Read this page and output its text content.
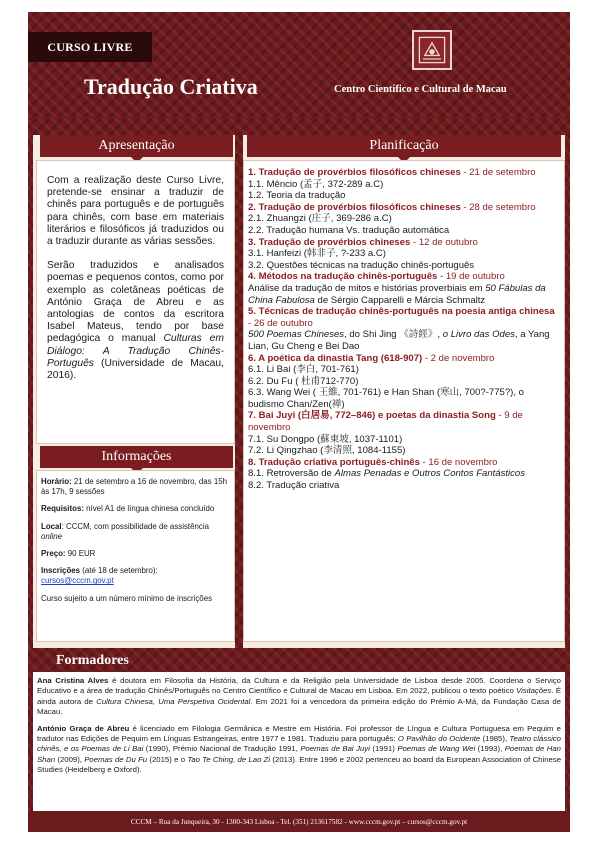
CURSO LIVRE
Tradução Criativa	Centro Científico e Cultural de Macau
Apresentação

Com a realização deste Curso Livre, pretende-se ensinar a traduzir de chinês para português e de português para chinês, com base em materiais literários e filosóficos já traduzidos ou a traduzir durante as várias sessões.

Serão traduzidos e analisados poemas e pequenos contos, como por exemplo as coletâneas poéticas de António Graça de Abreu e as antologias de contos da escritora Isabel Mateus, tendo por base pedagógica o manual Culturas em Diálogo: A Tradução Chinês-Português (Universidade de Macau, 2016).

Informações

Horário: 21 de setembro a 16 de novembro, das 15h às 17h, 9 sessões

Requisitos: nível A1 de língua chinesa concluído

Local: CCCM, com possibilidade de assistência online

Preço: 90 EUR

Inscrições (até 18 de setembro):
cursos@cccm.gov.pt

Curso sujeito a um número mínimo de inscrições

Planificação
1. Tradução de provérbios filosóficos chineses - 21 de setembro
1.1. Mêncio (孟子, 372-289 a.C)
1.2. Teoria da tradução
2. Tradução de provérbios filosóficos chineses - 28 de setembro
2.1. Zhuangzi (庄子, 369-286 a.C)
2.2. Tradução humana Vs. tradução automática
3. Tradução de provérbios chineses - 12 de outubro
3.1. Hanfeizi (韩非子, ?-233 a.C)
3.2. Questões técnicas na tradução chinês-português
4. Métodos na tradução chinês-português - 19 de outubro
Análise da tradução de mitos e histórias proverbiais em 50 Fábulas da China Fabulosa de Sérgio Capparelli e Márcia Schmaltz
5. Técnicas de tradução chinês-português na poesia antiga chinesa - 26 de outubro
500 Poemas Chineses, do Shi Jing 《詩經》, o Livro das Odes, a Yang Lian, Gu Cheng e Bei Dao
6. A poética da dinastia Tang (618-907) - 2 de novembro
6.1. Li Bai (李白, 701-761)
6.2. Du Fu ( 杜甫712-770)
6.3. Wang Wei ( 王維, 701-761) e Han Shan (寒山, 700?-775?), o budismo Chan/Zen(禅)
7. Bai Juyi (白居易, 772–846) e poetas da dinastia Song - 9 de novembro
7.1. Su Dongpo (蘇東坡, 1037-1101)
7.2. Li Qingzhao (李清照, 1084-1155)
8. Tradução criativa português-chinês - 16 de novembro
8.1. Retroversão de Almas Penadas e Outros Contos Fantásticos
8.2. Tradução criativa
Formadores

Ana Cristina Alves é doutora em Filosofia da História, da Cultura e da Religião pela Universidade de Lisboa desde 2005. Coordena o Serviço Educativo e a área de tradução Chinês/Português no Centro Científico e Cultural de Macau em Lisboa. Em 2022, publicou o texto poético Visitações. É ainda autora de Cultura Chinesa, Uma Perspetiva Ocidental. Em 2021 foi a vencedora da primeira edição do Prémio A-Má, da Fundação Casa de Macau.

António Graça de Abreu é licenciado em Filologia Germânica e Mestre em História. Foi professor de Língua e Cultura Portuguesa em Pequim e tradutor nas Edições de Pequim em Línguas Estrangeiras, entre 1977 e 1981. Traduziu para português: O Pavilhão do Ocidente (1985), Teatro clássico chinês, e os Poemas de Li Bai (1990), Prémio Nacional de Tradução 1991, Poemas de Bai Juyi (1991) Poemas de Wang Wei (1993), Poemas de Han Shan (2009), Poemas de Du Fu (2015) e o Tao Te Ching, de Lao Zi (2013). Entre 1996 e 2002 pertenceu ao board da European Association of Chinese Studies (Heidelberg e Oxford).

CCCM – Rua da Junqueira, 30 - 1300-343 Lisboa - Tel. (351) 213617582 - www.cccm.gov.pt – cursos@cccm.gov.pt
